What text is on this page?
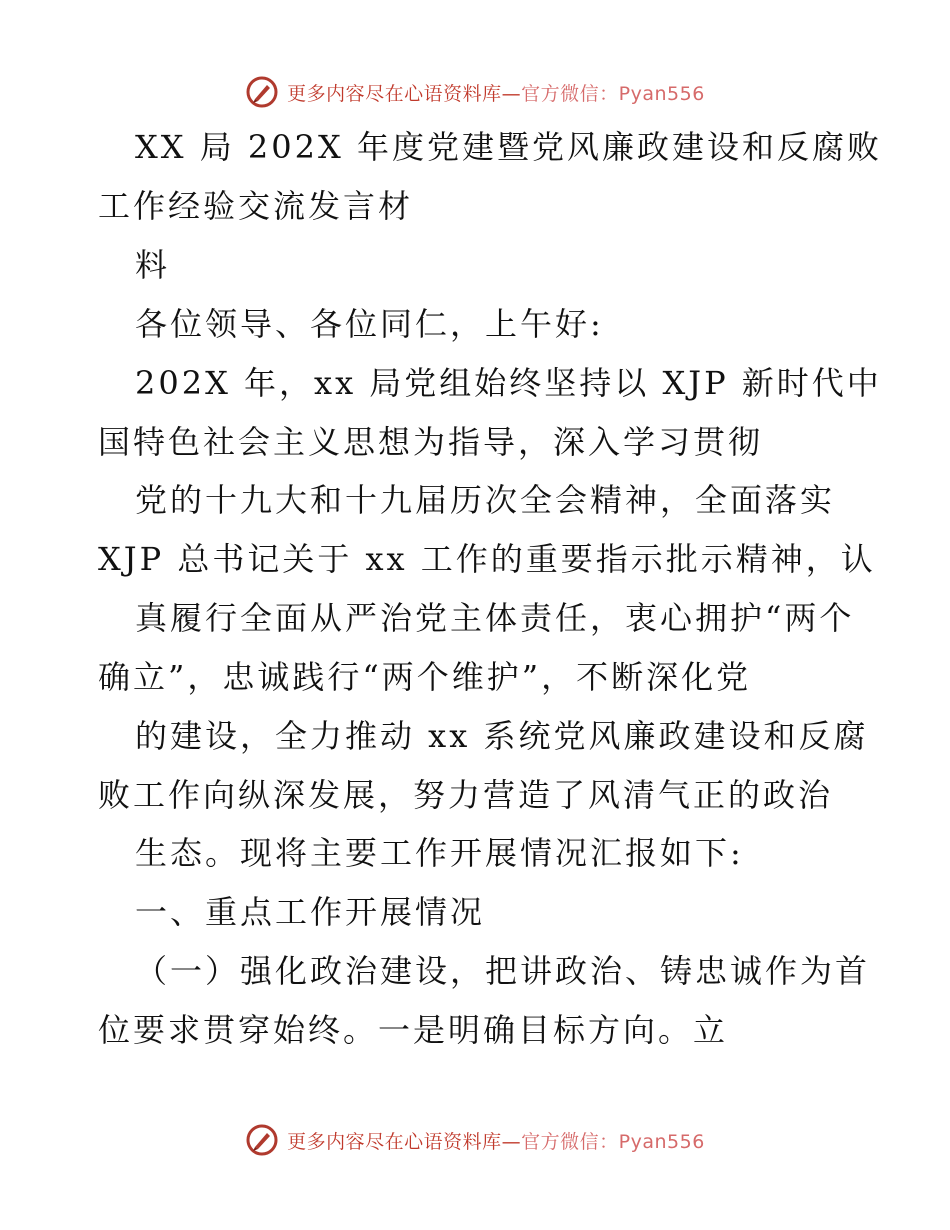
更多内容尽在心语资料库—官方微信：Pyan556
XX 局 202X 年度党建暨党风廉政建设和反腐败
工作经验交流发言材
料
各位领导、各位同仁，上午好:
202X 年，xx 局党组始终坚持以 XJP 新时代中
国特色社会主义思想为指导，深入学习贯彻
党的十九大和十九届历次全会精神，全面落实
XJP 总书记关于 xx 工作的重要指示批示精神，认
真履行全面从严治党主体责任，衷心拥护“两个
确立”，忠诚践行“两个维护”，不断深化党
的建设，全力推动 xx 系统党风廉政建设和反腐
败工作向纵深发展，努力营造了风清气正的政治
生态。现将主要工作开展情况汇报如下:
一、重点工作开展情况
（一）强化政治建设，把讲政治、铸忠诚作为首
位要求贯穿始终。一是明确目标方向。立
更多内容尽在心语资料库—官方微信：Pyan556
